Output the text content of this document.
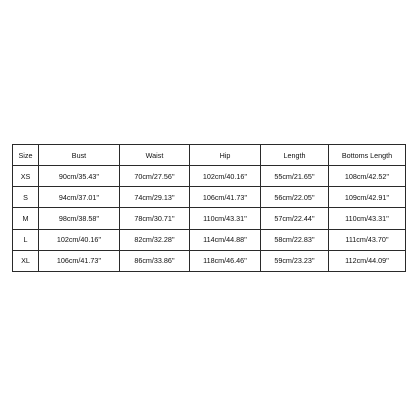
Size	Bust	Waist	Hip	Length	Bottoms Length
XS	90cm/35.43''	70cm/27.56''	102cm/40.16''	55cm/21.65''	108cm/42.52''
S	94cm/37.01''	74cm/29.13''	106cm/41.73''	56cm/22.05''	109cm/42.91''
M	98cm/38.58''	78cm/30.71''	110cm/43.31''	57cm/22.44''	110cm/43.31''
L	102cm/40.16''	82cm/32.28''	114cm/44.88''	58cm/22.83''	111cm/43.70''
XL	106cm/41.73''	86cm/33.86''	118cm/46.46''	59cm/23.23''	112cm/44.09''
